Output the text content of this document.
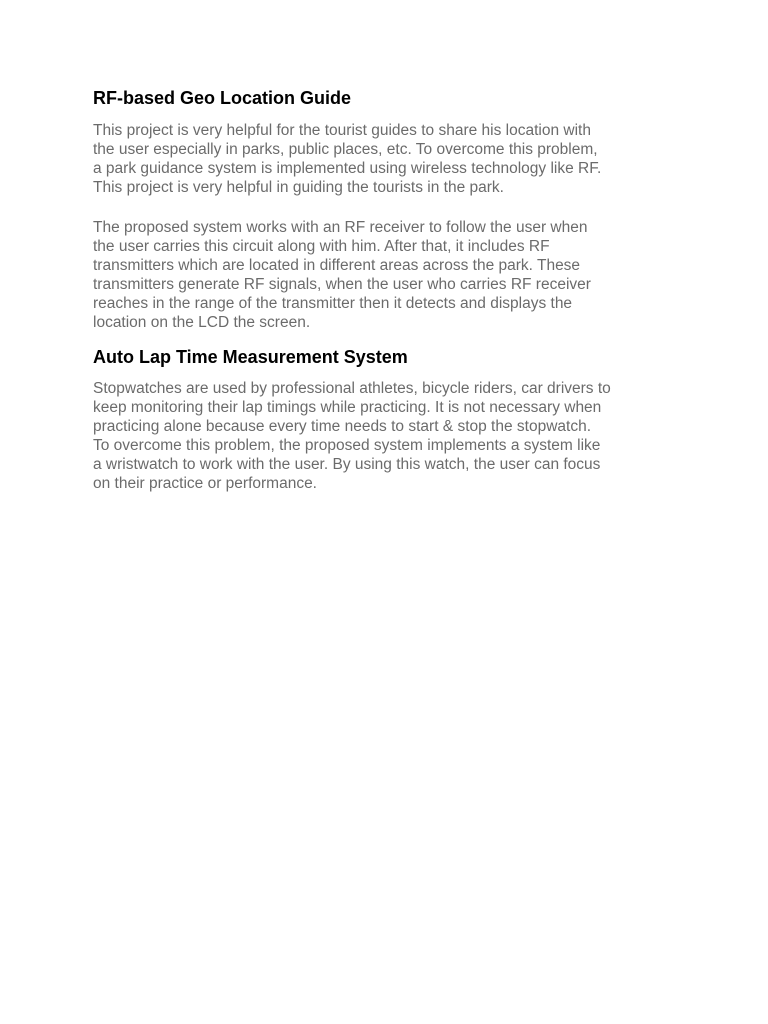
RF-based Geo Location Guide

This project is very helpful for the tourist guides to share his location with
the user especially in parks, public places, etc. To overcome this problem,
a park guidance system is implemented using wireless technology like RF.
This project is very helpful in guiding the tourists in the park.

The proposed system works with an RF receiver to follow the user when
the user carries this circuit along with him. After that, it includes RF
transmitters which are located in different areas across the park. These
transmitters generate RF signals, when the user who carries RF receiver
reaches in the range of the transmitter then it detects and displays the
location on the LCD the screen.

Auto Lap Time Measurement System

Stopwatches are used by professional athletes, bicycle riders, car drivers to
keep monitoring their lap timings while practicing. It is not necessary when
practicing alone because every time needs to start & stop the stopwatch.
To overcome this problem, the proposed system implements a system like
a wristwatch to work with the user. By using this watch, the user can focus
on their practice or performance.
